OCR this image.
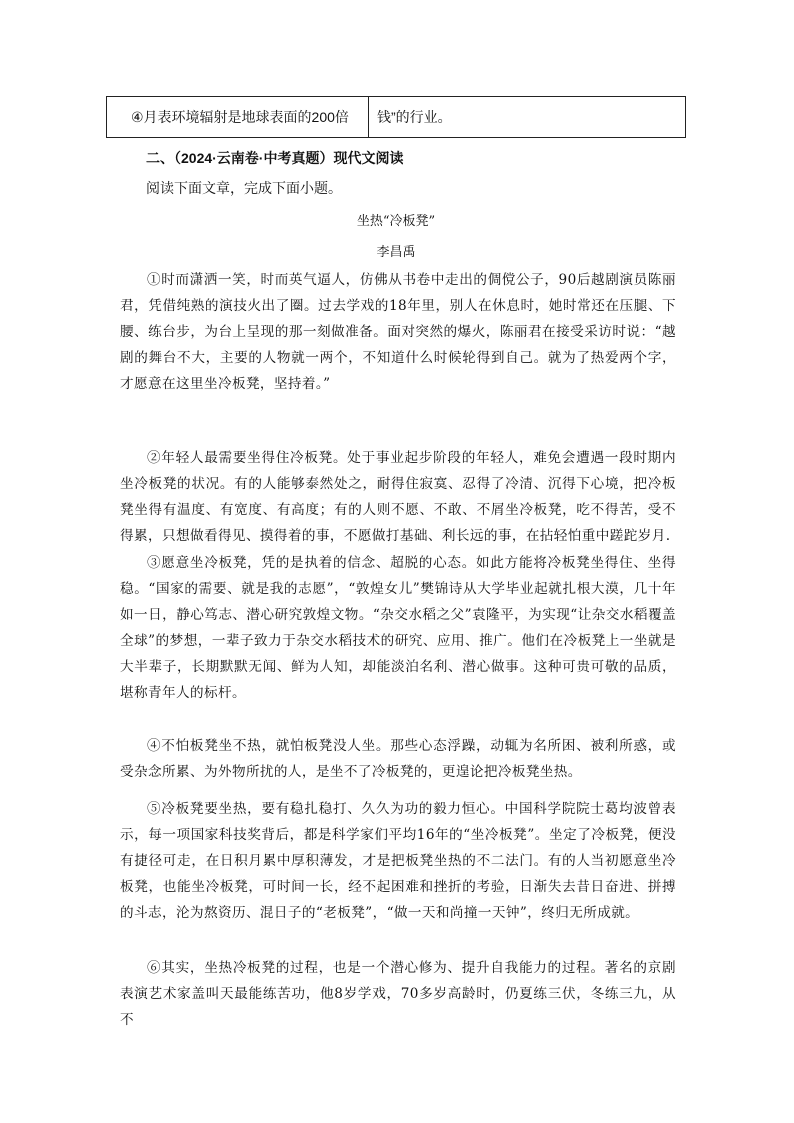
④月表环境辐射是地球表面的200倍	钱”的行业。
二、（2024·云南卷·中考真题）现代文阅读
阅读下面文章，完成下面小题。
坐热“冷板凳”
李昌禹

①时而潇洒一笑，时而英气逼人，仿佛从书卷中走出的倜傥公子，90后越剧演员陈丽君，凭借纯熟的演技火出了圈。过去学戏的18年里，别人在休息时，她时常还在压腿、下腰、练台步，为台上呈现的那一刻做准备。面对突然的爆火，陈丽君在接受采访时说：“越剧的舞台不大，主要的人物就一两个，不知道什么时候轮得到自己。就为了热爱两个字，才愿意在这里坐冷板凳，坚持着。”

②年轻人最需要坐得住冷板凳。处于事业起步阶段的年轻人，难免会遭遇一段时期内坐冷板凳的状况。有的人能够泰然处之，耐得住寂寞、忍得了冷清、沉得下心境，把冷板凳坐得有温度、有宽度、有高度；有的人则不愿、不敢、不屑坐冷板凳，吃不得苦，受不得累，只想做看得见、摸得着的事，不愿做打基础、利长远的事，在拈轻怕重中蹉跎岁月.

③愿意坐冷板凳，凭的是执着的信念、超脱的心态。如此方能将冷板凳坐得住、坐得稳。“国家的需要、就是我的志愿”，“敦煌女儿”樊锦诗从大学毕业起就扎根大漠，几十年如一日，静心笃志、潜心研究敦煌文物。“杂交水稻之父”袁隆平，为实现“让杂交水稻覆盖全球”的梦想，一辈子致力于杂交水稻技术的研究、应用、推广。他们在冷板凳上一坐就是大半辈子，长期默默无闻、鲜为人知，却能淡泊名利、潜心做事。这种可贵可敬的品质，堪称青年人的标杆。

④不怕板凳坐不热，就怕板凳没人坐。那些心态浮躁，动辄为名所困、被利所惑，或受杂念所累、为外物所扰的人，是坐不了冷板凳的，更遑论把冷板凳坐热。

⑤冷板凳要坐热，要有稳扎稳打、久久为功的毅力恒心。中国科学院院士葛均波曾表示，每一项国家科技奖背后，都是科学家们平均16年的“坐冷板凳”。坐定了冷板凳，便没有捷径可走，在日积月累中厚积薄发，才是把板凳坐热的不二法门。有的人当初愿意坐冷板凳，也能坐冷板凳，可时间一长，经不起困难和挫折的考验，日渐失去昔日奋进、拼搏的斗志，沦为熬资历、混日子的“老板凳”，“做一天和尚撞一天钟”，终归无所成就。

⑥其实，坐热冷板凳的过程，也是一个潜心修为、提升自我能力的过程。著名的京剧表演艺术家盖叫天最能练苦功，他8岁学戏，70多岁高龄时，仍夏练三伏，冬练三九，从不
